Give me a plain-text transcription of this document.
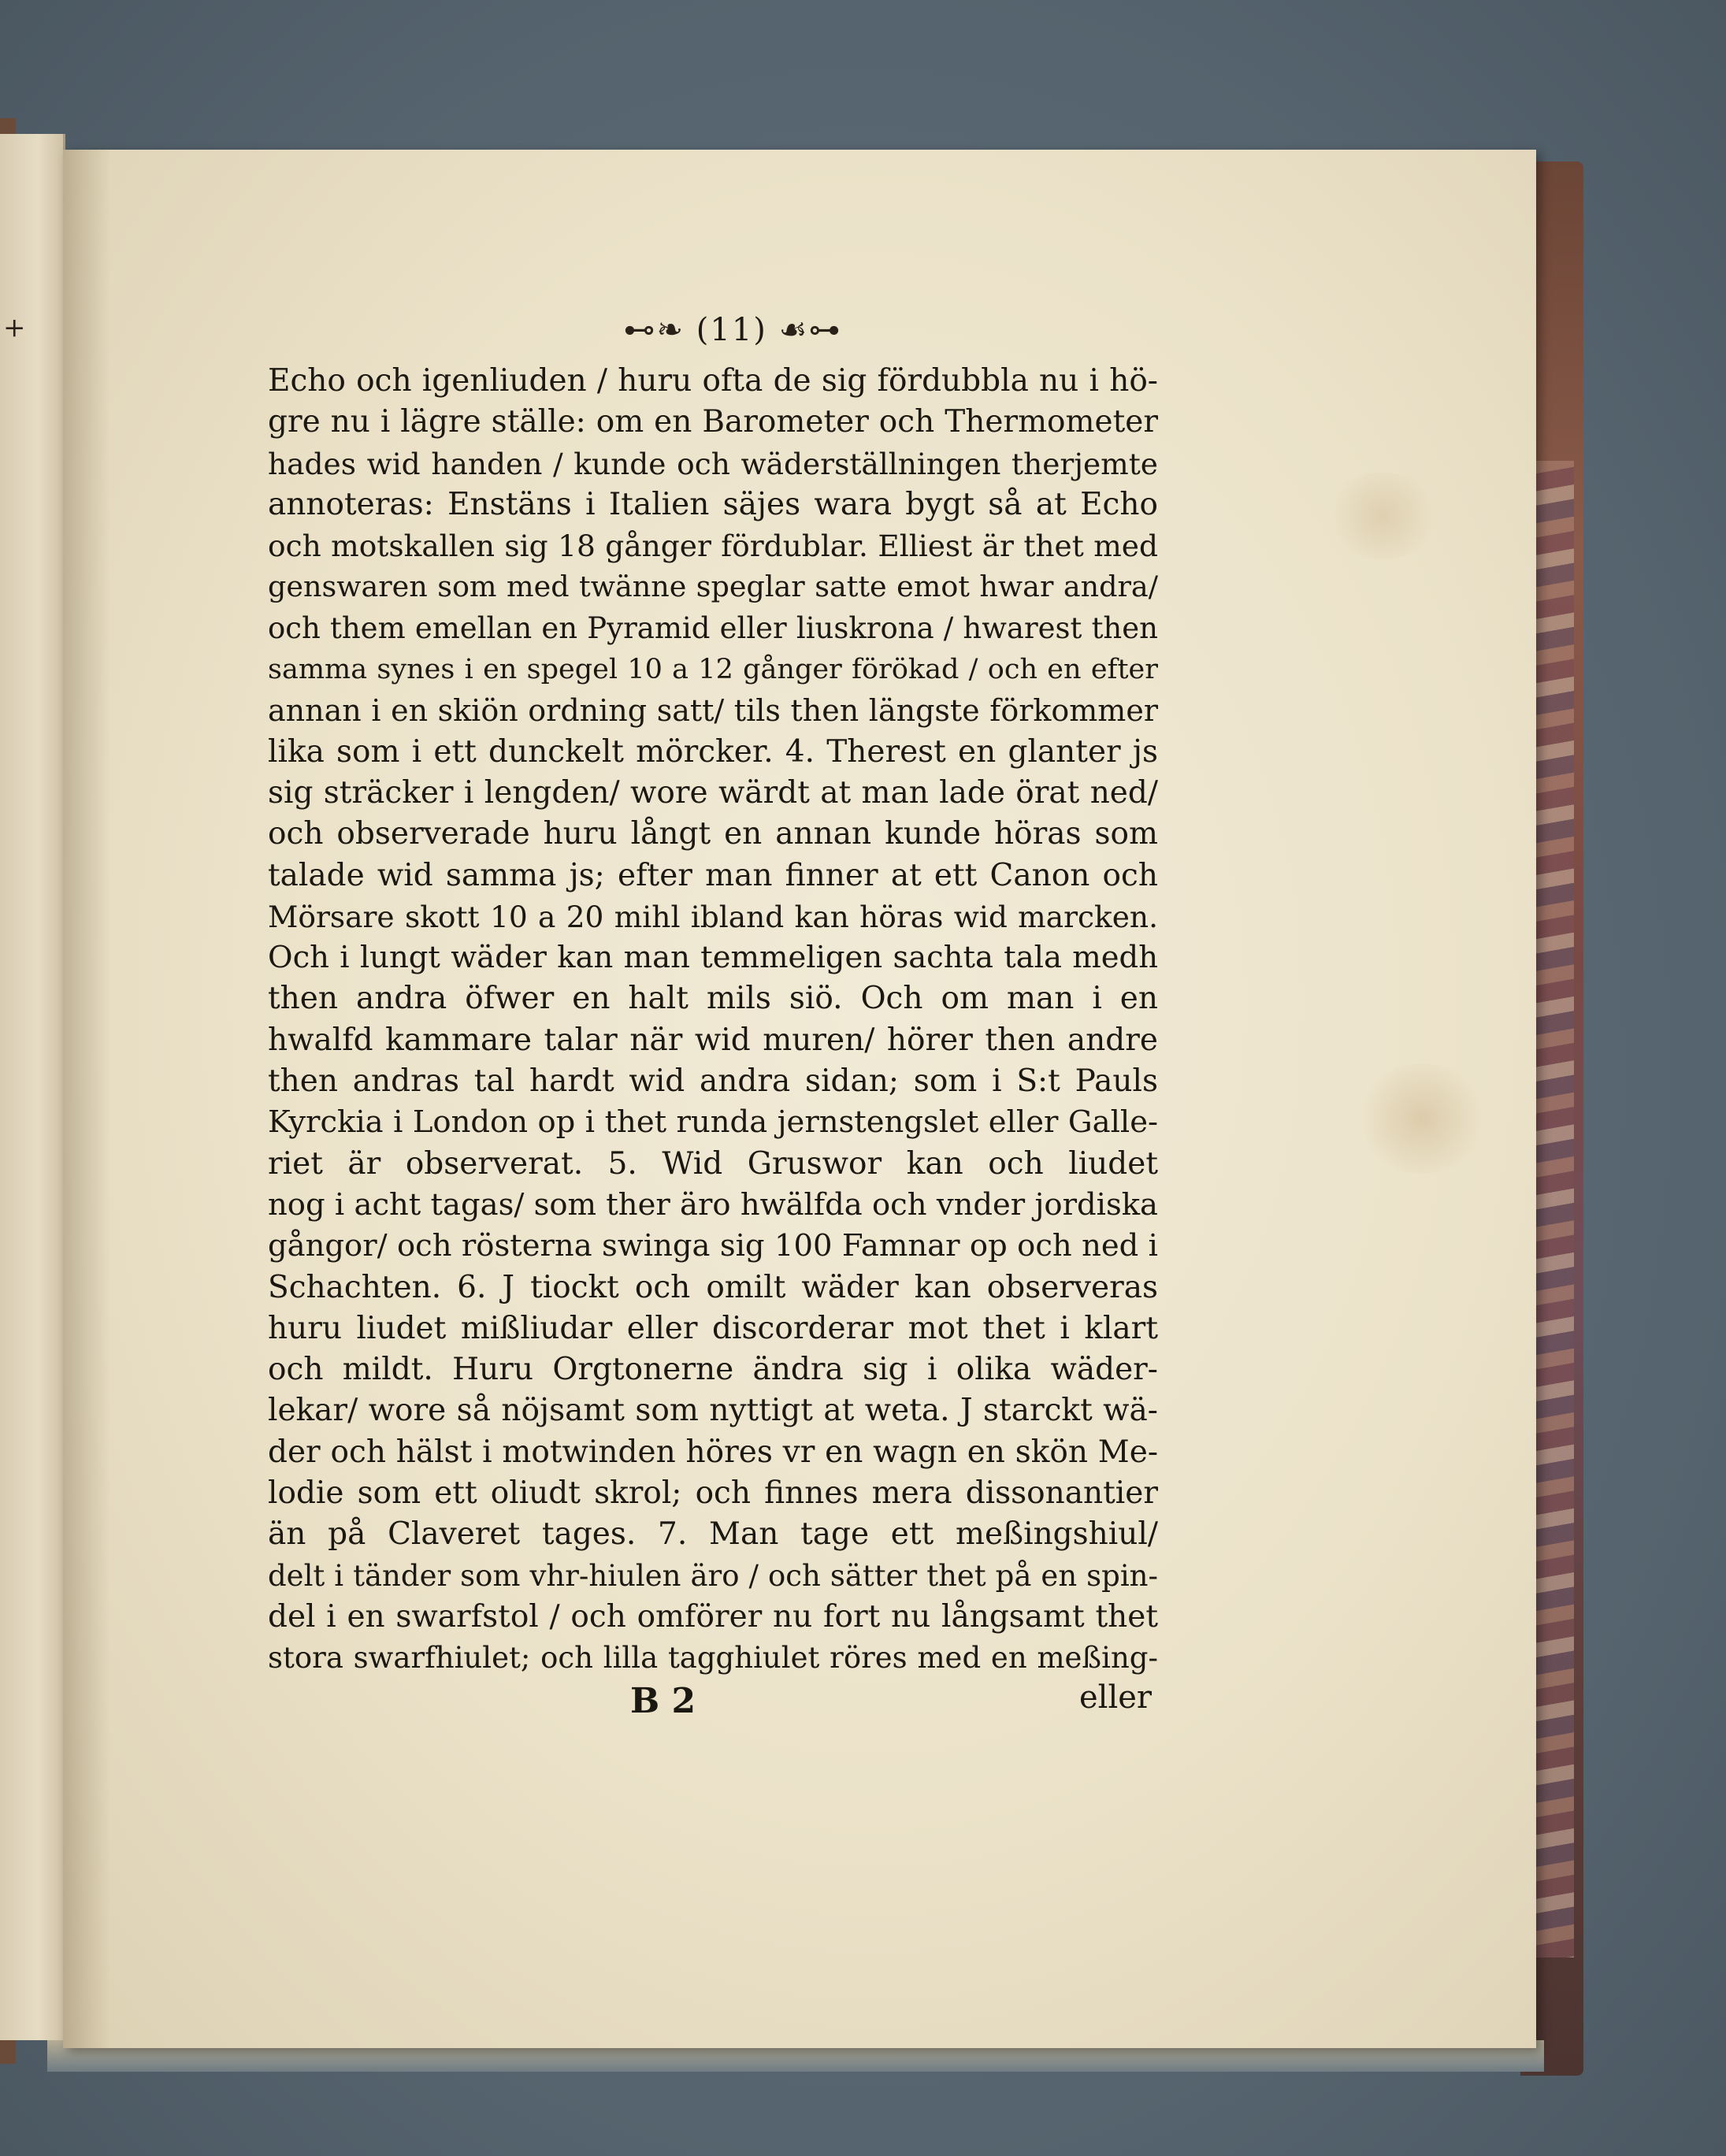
+	⊷❧ (11) ☙⊶
Echo och igenliuden / huru ofta de sig fördubbla nu i hö-
gre nu i lägre ställe: om en Barometer och Thermometer
hades wid handen / kunde och wäderställningen therjemte
annoteras: Enstäns i Italien säjes wara bygt så at Echo
och motskallen sig 18 gånger fördublar. Elliest är thet med
genswaren som med twänne speglar satte emot hwar andra/
och them emellan en Pyramid eller liuskrona / hwarest then
samma synes i en spegel 10 a 12 gånger förökad / och en efter
annan i en skiön ordning satt/ tils then längste förkommer
lika som i ett dunckelt mörcker. 4. Therest en glanter js
sig sträcker i lengden/ wore wärdt at man lade örat ned/
och observerade huru långt en annan kunde höras som
talade wid samma js; efter man finner at ett Canon och
Mörsare skott 10 a 20 mihl ibland kan höras wid marcken.
Och i lungt wäder kan man temmeligen sachta tala medh
then andra öfwer en halt mils siö. Och om man i en
hwalfd kammare talar när wid muren/ hörer then andre
then andras tal hardt wid andra sidan; som i S:t Pauls
Kyrckia i London op i thet runda jernstengslet eller Galle-
riet är observerat. 5. Wid Gruswor kan och liudet
nog i acht tagas/ som ther äro hwälfda och vnder jordiska
gångor/ och rösterna swinga sig 100 Famnar op och ned i
Schachten. 6. J tiockt och omilt wäder kan observeras
huru liudet mißliudar eller discorderar mot thet i klart
och mildt. Huru Orgtonerne ändra sig i olika wäder-
lekar/ wore så nöjsamt som nyttigt at weta. J starckt wä-
der och hälst i motwinden höres vr en wagn en skön Me-
lodie som ett oliudt skrol; och finnes mera dissonantier
än på Claveret tages. 7. Man tage ett meßingshiul/
delt i tänder som vhr-hiulen äro / och sätter thet på en spin-
del i en swarfstol / och omförer nu fort nu långsamt thet
stora swarfhiulet; och lilla tagghiulet röres med en meßing-
B 2	eller
